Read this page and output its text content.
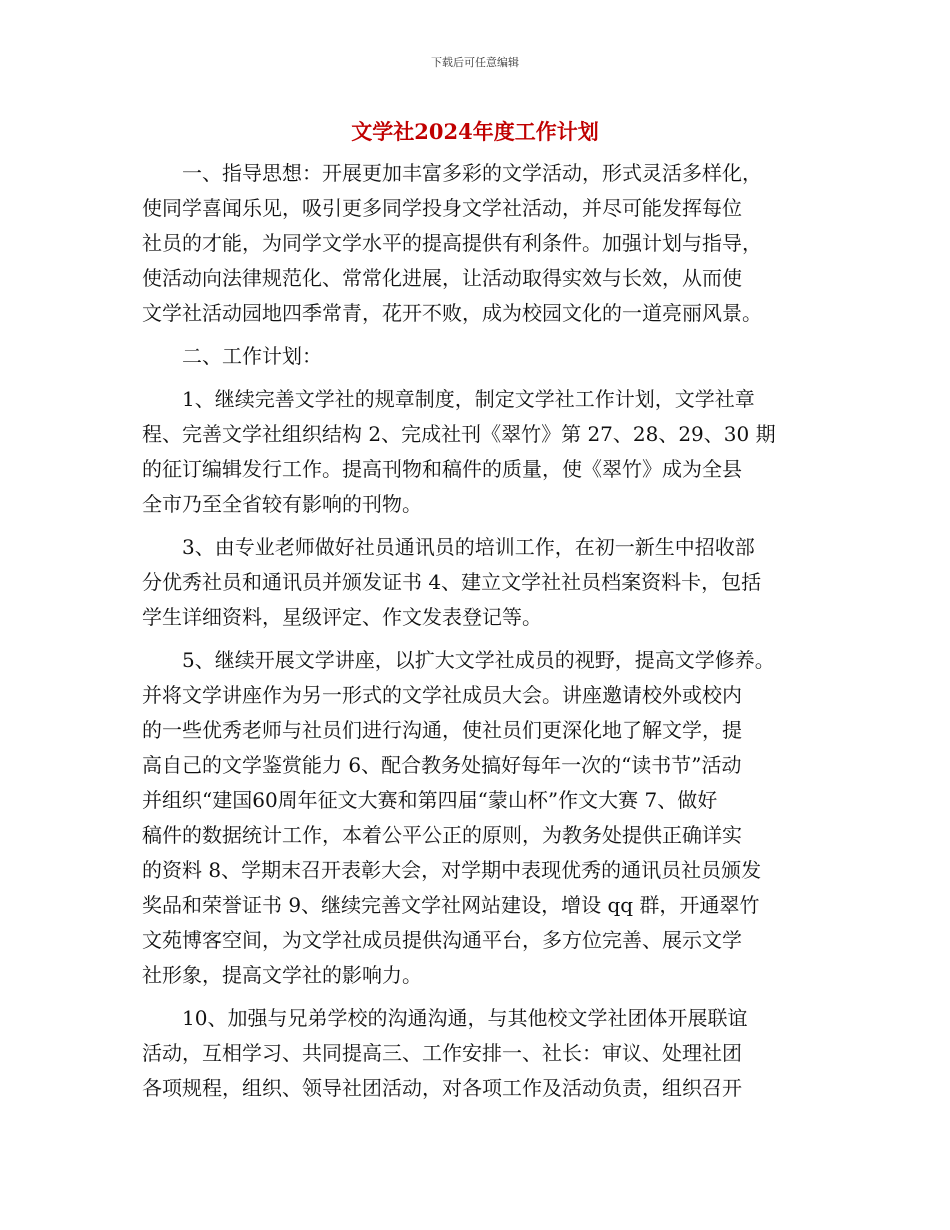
下载后可任意编辑
文学社2024年度工作计划
　　一、指导思想：开展更加丰富多彩的文学活动，形式灵活多样化，
使同学喜闻乐见，吸引更多同学投身文学社活动，并尽可能发挥每位
社员的才能，为同学文学水平的提高提供有利条件。加强计划与指导，
使活动向法律规范化、常常化进展，让活动取得实效与长效，从而使
文学社活动园地四季常青，花开不败，成为校园文化的一道亮丽风景。
　　二、工作计划：
　　1、继续完善文学社的规章制度，制定文学社工作计划，文学社章
程、完善文学社组织结构 2、完成社刊《翠竹》第 27、28、29、30 期
的征订编辑发行工作。提高刊物和稿件的质量，使《翠竹》成为全县
全市乃至全省较有影响的刊物。
　　3、由专业老师做好社员通讯员的培训工作，在初一新生中招收部
分优秀社员和通讯员并颁发证书 4、建立文学社社员档案资料卡，包括
学生详细资料，星级评定、作文发表登记等。
　　5、继续开展文学讲座，以扩大文学社成员的视野，提高文学修养。
并将文学讲座作为另一形式的文学社成员大会。讲座邀请校外或校内
的一些优秀老师与社员们进行沟通，使社员们更深化地了解文学，提
高自己的文学鉴赏能力 6、配合教务处搞好每年一次的“读书节”活动
并组织“建国60周年征文大赛和第四届“蒙山杯”作文大赛 7、做好
稿件的数据统计工作，本着公平公正的原则，为教务处提供正确详实
的资料 8、学期末召开表彰大会，对学期中表现优秀的通讯员社员颁发
奖品和荣誉证书 9、继续完善文学社网站建设，增设 qq 群，开通翠竹
文苑博客空间，为文学社成员提供沟通平台，多方位完善、展示文学
社形象，提高文学社的影响力。
　　10、加强与兄弟学校的沟通沟通，与其他校文学社团体开展联谊
活动，互相学习、共同提高三、工作安排一、社长：审议、处理社团
各项规程，组织、领导社团活动，对各项工作及活动负责，组织召开
